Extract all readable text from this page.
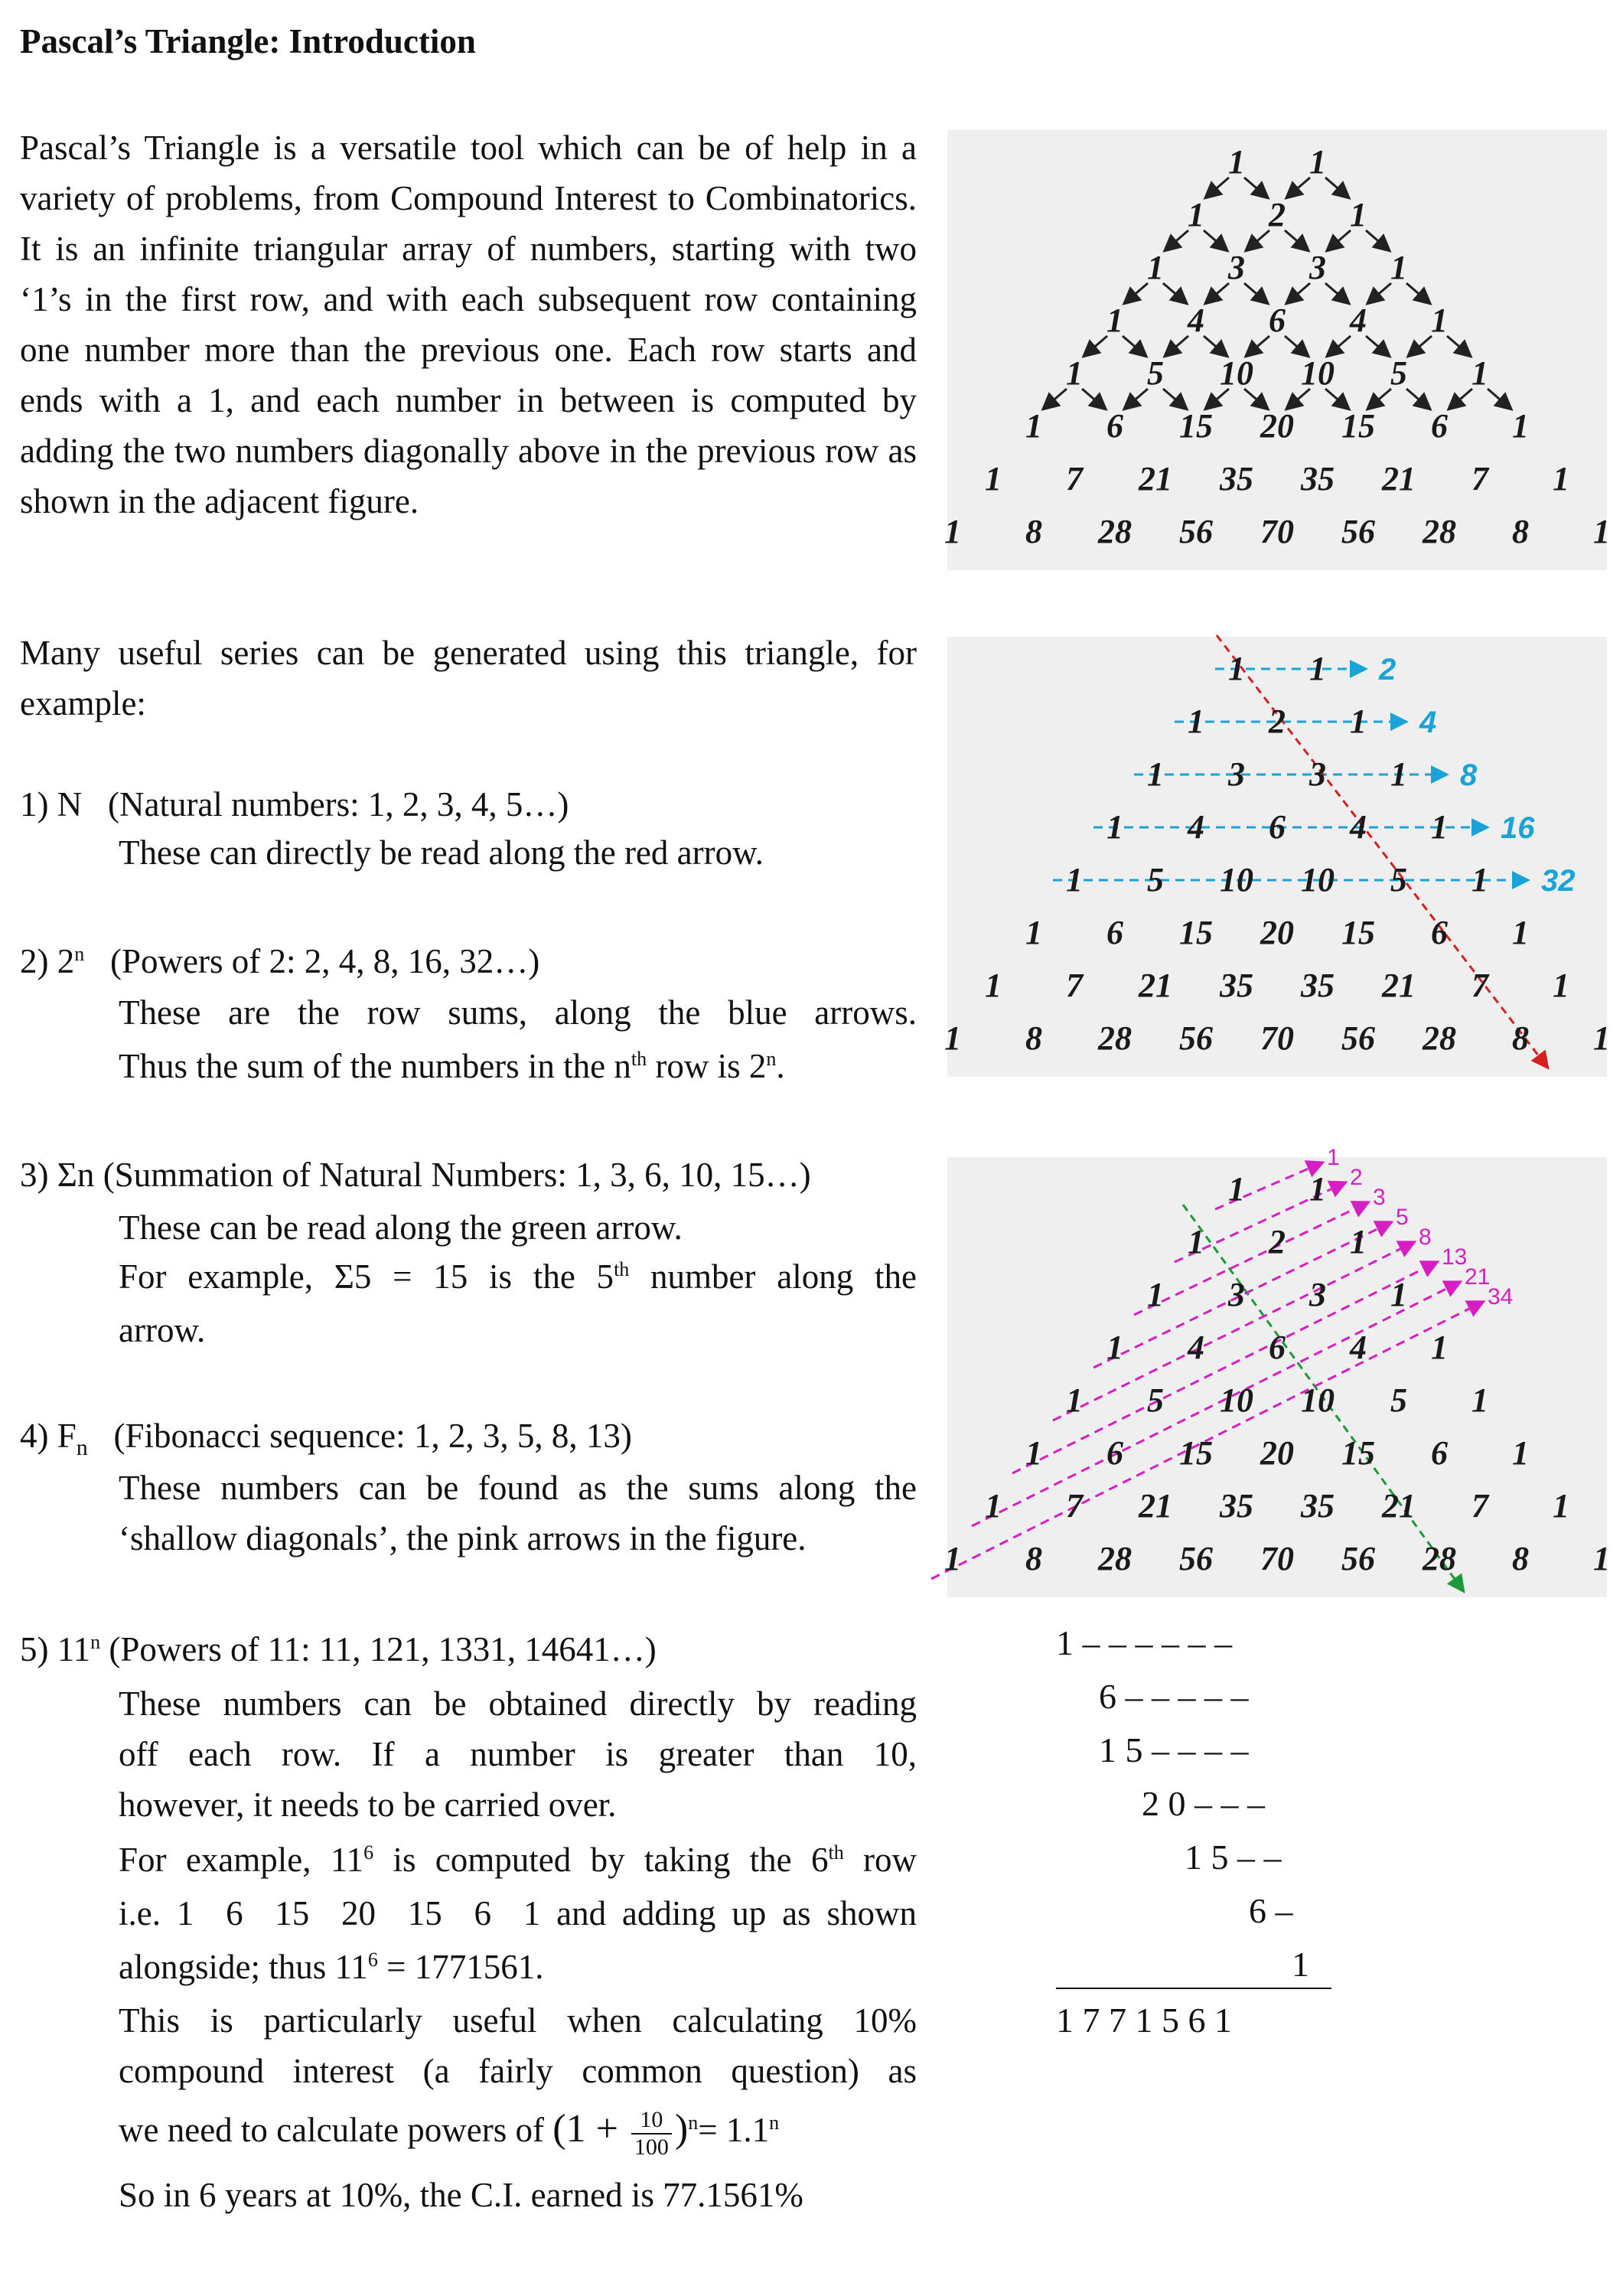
Pascal’s Triangle: Introduction
Pascal’s Triangle is a versatile tool which can be of help in a variety of problems, from Compound Interest to Combinatorics. It is an infinite triangular array of numbers, starting with two ‘1’s in the first row, and with each subsequent row containing one number more than the previous one. Each row starts and ends with a 1, and each number in between is computed by adding the two numbers diagonally above in the previous row as shown in the adjacent figure.
Many useful series can be generated using this triangle, for example:
1) N (Natural numbers: 1, 2, 3, 4, 5…)
These can directly be read along the red arrow.
2) 2$^n$ (Powers of 2: 2, 4, 8, 16, 32…)
These are the row sums, along the blue arrows.
Thus the sum of the numbers in the $n^{th}$ row is 2$^n$.
3) Σn (Summation of Natural Numbers: 1, 3, 6, 10, 15…)
These can be read along the green arrow.
For example, Σ5 = 15 is the 5th number along the
arrow.
4) $F_n$ (Fibonacci sequence: 1, 2, 3, 5, 8, 13)
These numbers can be found as the sums along the
‘shallow diagonals’, the pink arrows in the figure.
5) 11$^n$ (Powers of 11: 11, 121, 1331, 14641…)
These numbers can be obtained directly by reading
off each row. If a number is greater than 10,
however, it needs to be carried over.
For example, $11^6$ is computed by taking the 6th row
i.e. 1  6  15  20  15  6  1 and adding up as shown
alongside; thus $11^6 = 1771561$.
This is particularly useful when calculating 10%
compound interest (a fairly common question) as
we need to calculate powers of $(1 + \frac{10}{100} )^n= 1.1^n$
So in 6 years at 10%, the C.I. earned is 77.1561%
1 1
1 2 1
1 3 3 1
1 4 6 4 1
1 5 10 10 5 1
1 6 15 20 15 6 1
1 7 21 35 35 21 7 1
1 8 28 56 70 56 28 8 1
2
4
8
16
32
1 1
1 2 1
1 3 3 1
1 4 6 4 1
1 5 10 10 5 1
1 6 15 20 15 6 1
1 7 21 35 35 21 7 1
1 8 28 56 70 56 28 8 1
1
2
3
5
8
13
21
34
1 1
1 2 1
1 3 3 1
1 4 6 4 1
1 5 10 10 5 1
1 6 15 20 15 6 1
1 7 21 35 35 21 7 1
1 8 28 56 70 56 28 8 1
1 – – – – – –
6 – – – – –
1 5 – – – –
2 0 – – –
1 5 – –
6 –
1
1 7 7 1 5 6 1
